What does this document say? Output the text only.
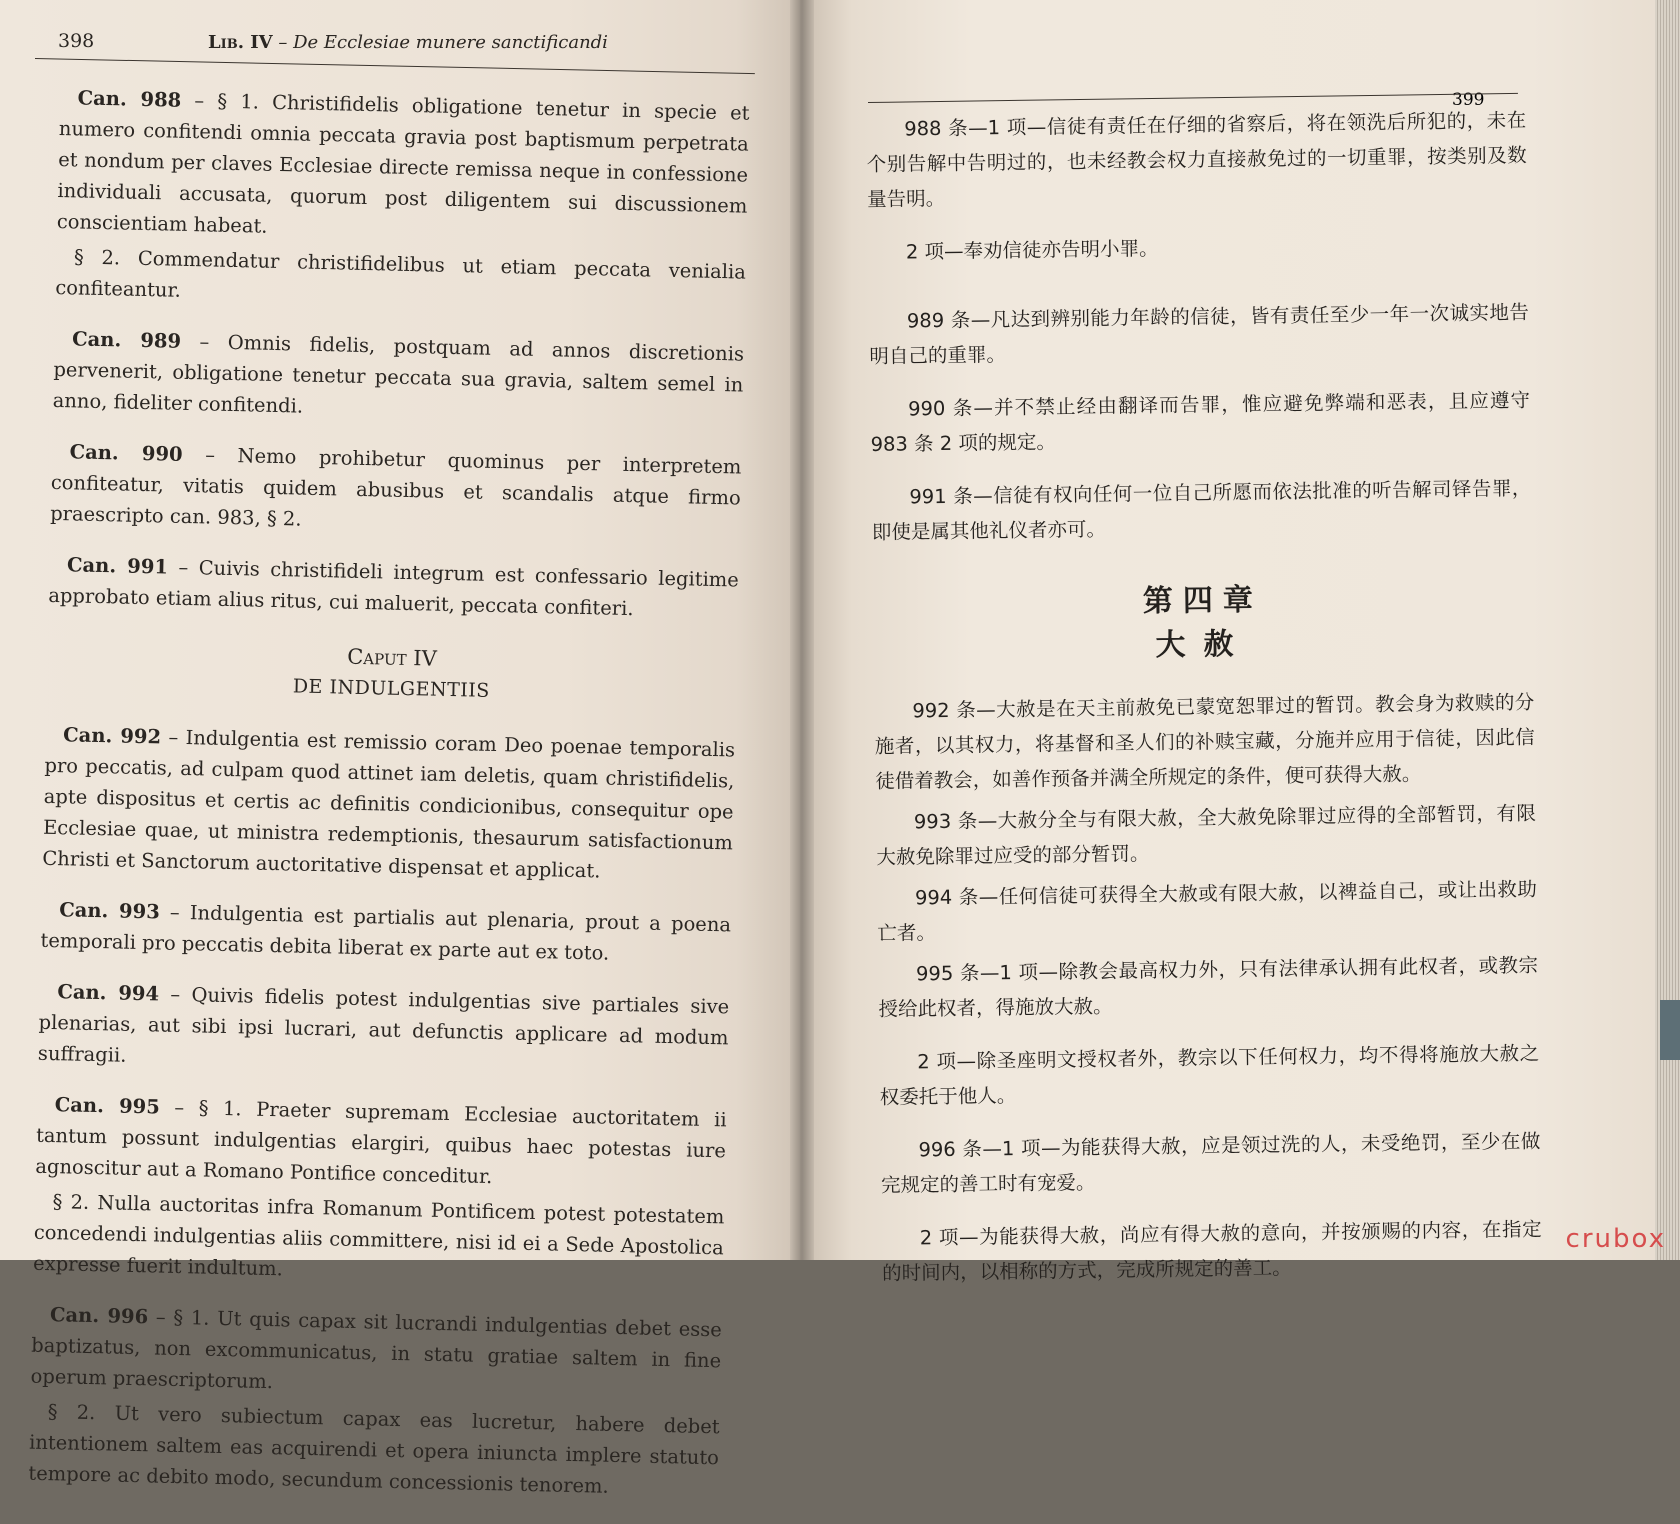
398	Lib. IV – De Ecclesiae munere sanctificandi

Can. 988 – § 1. Christifidelis obligatione tenetur in specie et numero confitendi omnia peccata gravia post baptismum perpetrata et nondum per claves Ecclesiae directe remissa neque in confessione individuali accusata, quorum post diligentem sui discussionem conscientiam habeat.

§ 2. Commendatur christifidelibus ut etiam peccata venialia confiteantur.

Can. 989 – Omnis fidelis, postquam ad annos discretionis pervenerit, obligatione tenetur peccata sua gravia, saltem semel in anno, fideliter confitendi.

Can. 990 – Nemo prohibetur quominus per interpretem confiteatur, vitatis quidem abusibus et scandalis atque firmo praescripto can. 983, § 2.

Can. 991 – Cuivis christifideli integrum est confessario legitime approbato etiam alius ritus, cui maluerit, peccata confiteri.

Caput IV
DE INDULGENTIIS

Can. 992 – Indulgentia est remissio coram Deo poenae temporalis pro peccatis, ad culpam quod attinet iam deletis, quam christifidelis, apte dispositus et certis ac definitis condicionibus, consequitur ope Ecclesiae quae, ut ministra redemptionis, thesaurum satisfactionum Christi et Sanctorum auctoritative dispensat et applicat.

Can. 993 – Indulgentia est partialis aut plenaria, prout a poena temporali pro peccatis debita liberat ex parte aut ex toto.

Can. 994 – Quivis fidelis potest indulgentias sive partiales sive plenarias, aut sibi ipsi lucrari, aut defunctis applicare ad modum suffragii.

Can. 995 – § 1. Praeter supremam Ecclesiae auctoritatem ii tantum possunt indulgentias elargiri, quibus haec potestas iure agnoscitur aut a Romano Pontifice conceditur.

§ 2. Nulla auctoritas infra Romanum Pontificem potest potestatem concedendi indulgentias aliis committere, nisi id ei a Sede Apostolica expresse fuerit indultum.

Can. 996 – § 1. Ut quis capax sit lucrandi indulgentias debet esse baptizatus, non excommunicatus, in statu gratiae saltem in fine operum praescriptorum.

§ 2. Ut vero subiectum capax eas lucretur, habere debet intentionem saltem eas acquirendi et opera iniuncta implere statuto tempore ac debito modo, secundum concessionis tenorem.

399

988 条—1 项—信徒有责任在仔细的省察后，将在领洗后所犯的，未在个别告解中告明过的，也未经教会权力直接赦免过的一切重罪，按类别及数量告明。

2 项—奉劝信徒亦告明小罪。

989 条—凡达到辨别能力年龄的信徒，皆有责任至少一年一次诚实地告明自己的重罪。

990 条—并不禁止经由翻译而告罪，惟应避免弊端和恶表，且应遵守 983 条 2 项的规定。

991 条—信徒有权向任何一位自己所愿而依法批准的听告解司铎告罪，即使是属其他礼仪者亦可。

第四章
大赦

992 条—大赦是在天主前赦免已蒙宽恕罪过的暂罚。教会身为救赎的分施者，以其权力，将基督和圣人们的补赎宝藏，分施并应用于信徒，因此信徒借着教会，如善作预备并满全所规定的条件，便可获得大赦。

993 条—大赦分全与有限大赦，全大赦免除罪过应得的全部暂罚，有限大赦免除罪过应受的部分暂罚。

994 条—任何信徒可获得全大赦或有限大赦，以裨益自己，或让出救助亡者。

995 条—1 项—除教会最高权力外，只有法律承认拥有此权者，或教宗授给此权者，得施放大赦。

2 项—除圣座明文授权者外，教宗以下任何权力，均不得将施放大赦之权委托于他人。

996 条—1 项—为能获得大赦，应是领过洗的人，未受绝罚，至少在做完规定的善工时有宠爱。

2 项—为能获得大赦，尚应有得大赦的意向，并按颁赐的内容，在指定的时间内，以相称的方式，完成所规定的善工。

crubox
